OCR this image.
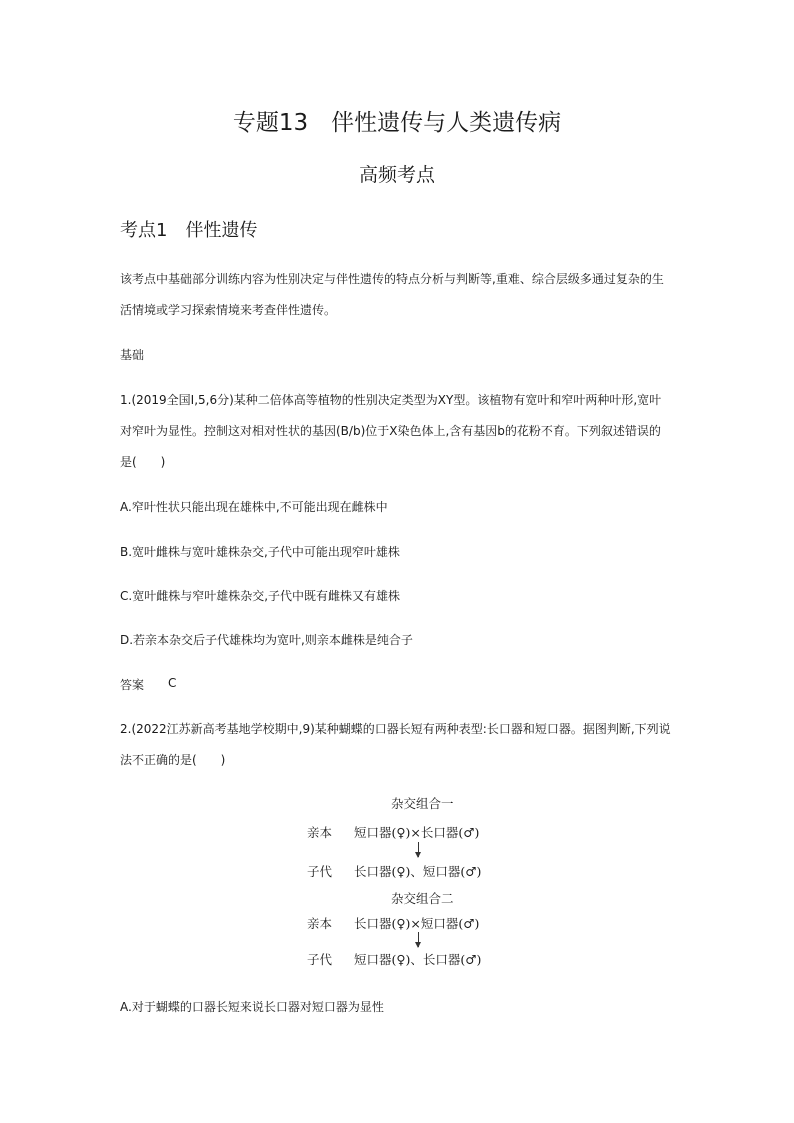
专题13　伴性遗传与人类遗传病
高频考点
考点1　伴性遗传
该考点中基础部分训练内容为性别决定与伴性遗传的特点分析与判断等,重难、综合层级多通过复杂的生
活情境或学习探索情境来考查伴性遗传。
基础
1.(2019全国Ⅰ,5,6分)某种二倍体高等植物的性别决定类型为XY型。该植物有宽叶和窄叶两种叶形,宽叶
对窄叶为显性。控制这对相对性状的基因(B/b)位于X染色体上,含有基因b的花粉不育。下列叙述错误的
是(　　)
A.窄叶性状只能出现在雄株中,不可能出现在雌株中
B.宽叶雌株与宽叶雄株杂交,子代中可能出现窄叶雄株
C.宽叶雌株与窄叶雄株杂交,子代中既有雌株又有雄株
D.若亲本杂交后子代雄株均为宽叶,则亲本雌株是纯合子
答案 C
2.(2022江苏新高考基地学校期中,9)某种蝴蝶的口器长短有两种表型:长口器和短口器。据图判断,下列说
法不正确的是(　　)
杂交组合一
亲本 短口器(♀)×长口器(♂)
子代 长口器(♀)、短口器(♂)
杂交组合二
亲本 长口器(♀)×短口器(♂)
子代 短口器(♀)、长口器(♂)
A.对于蝴蝶的口器长短来说长口器对短口器为显性
